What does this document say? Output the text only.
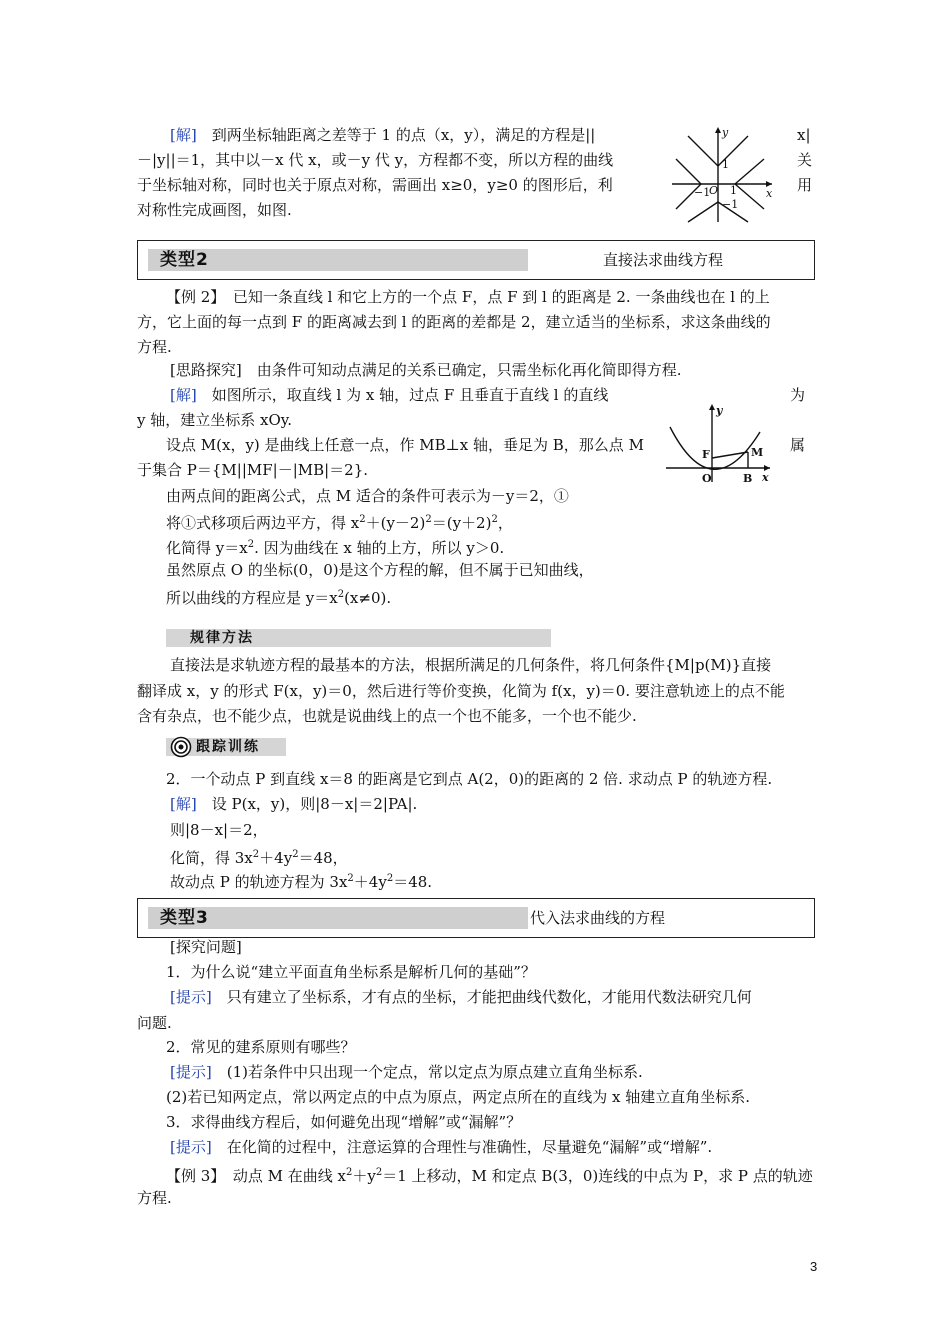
[解]　 到两坐标轴距离之差等于 1 的点（x，y），满足的方程是||	x|
－|y||＝1，其中以－x 代 x，或－y 代 y，方程都不变，所以方程的曲线	关
于坐标轴对称，同时也关于原点对称，需画出 x≥0，y≥0 的图形后，利	用
对称性完成画图，如图.
y
x
O
1
1
−1
−1
类型2	直接法求曲线方程
【例 2】　 已知一条直线 l 和它上方的一个点 F，点 F 到 l 的距离是 2. 一条曲线也在 l 的上
方，它上面的每一点到 F 的距离减去到 l 的距离的差都是 2，建立适当的坐标系，求这条曲线的
方程.
[思路探究]　由条件可知动点满足的关系已确定，只需坐标化再化简即得方程.
[解]　 如图所示，取直线 l 为 x 轴，过点 F 且垂直于直线 l 的直线	为
y 轴，建立坐标系 xOy.
设点 M(x，y) 是曲线上任意一点，作 MB⊥x 轴，垂足为 B，那么点 M	属
于集合 P＝{M||MF|－|MB|＝2}.
由两点间的距离公式，点 M 适合的条件可表示为－y＝2，①
将①式移项后两边平方，得 $x^2+(y-2)^2=(y+2)^2$，
化简得 $y=x^2$. 因为曲线在 x 轴的上方，所以 y＞0.
虽然原点 O 的坐标(0，0)是这个方程的解，但不属于已知曲线，
所以曲线的方程应是 $y=x^2(x\ne 0)$.
y
x
F	M
O	B
规律方法
直接法是求轨迹方程的最基本的方法，根据所满足的几何条件，将几何条件{M|p(M)}直接
翻译成 x，y 的形式 F(x，y)＝0，然后进行等价变换，化简为 f(x，y)＝0. 要注意轨迹上的点不能
含有杂点，也不能少点，也就是说曲线上的点一个也不能多，一个也不能少.
跟踪训练
2．一个动点 P 到直线 x＝8 的距离是它到点 A(2，0)的距离的 2 倍. 求动点 P 的轨迹方程.
[解]　 设 P(x，y)，则|8－x|＝2|PA|.
则|8－x|＝2，
化简，得 $3x^2+4y^2=48$，
故动点 P 的轨迹方程为 $3x^2+4y^2=48$.
类型3	代入法求曲线的方程
[探究问题]
1．为什么说“建立平面直角坐标系是解析几何的基础”？
[提示]　 只有建立了坐标系，才有点的坐标，才能把曲线代数化，才能用代数法研究几何
问题.
2．常见的建系原则有哪些？
[提示]　 (1)若条件中只出现一个定点，常以定点为原点建立直角坐标系.
(2)若已知两定点，常以两定点的中点为原点，两定点所在的直线为 x 轴建立直角坐标系.
3．求得曲线方程后，如何避免出现“增解”或“漏解”？
[提示]　 在化简的过程中，注意运算的合理性与准确性，尽量避免“漏解”或“增解”.
【例 3】　 动点 M 在曲线 $x^2+y^2=1$ 上移动，M 和定点 B(3，0)连线的中点为 P，求 P 点的轨迹
方程.
3
